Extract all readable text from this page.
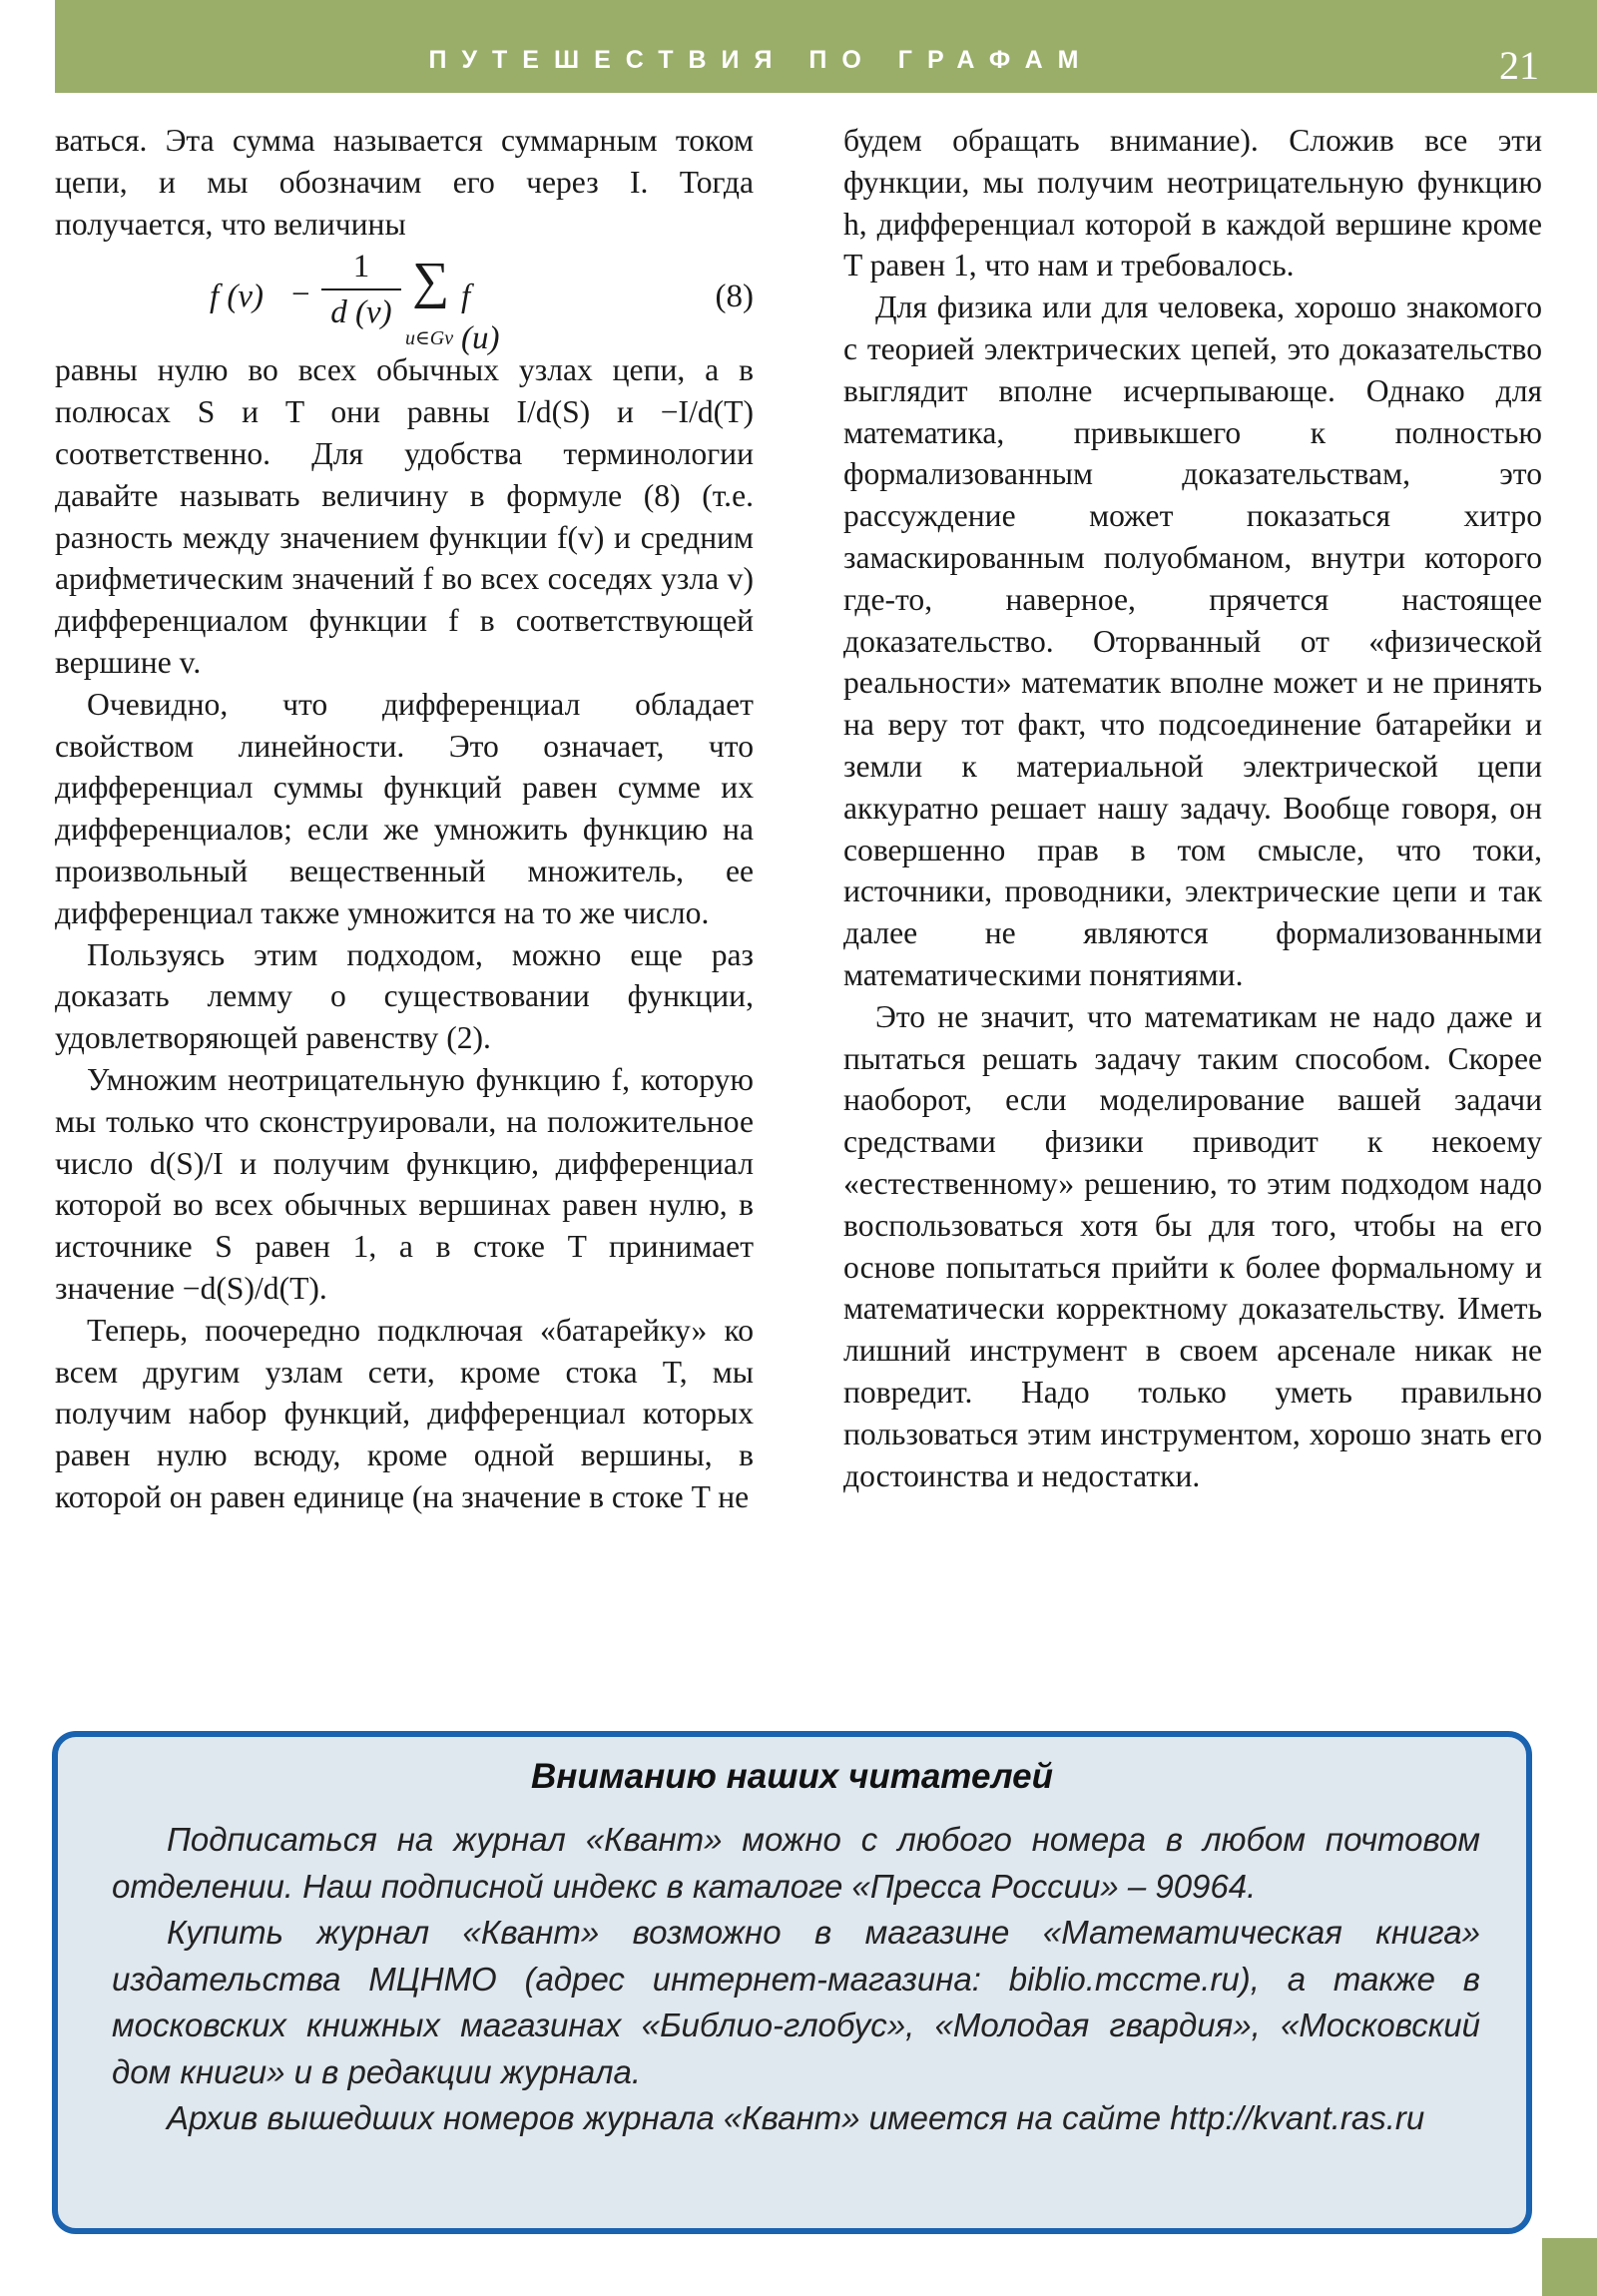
ПУТЕШЕСТВИЯ ПО ГРАФАМ	21

ваться. Эта сумма называется суммарным током цепи, и мы обозначим его через I. Тогда получается, что величины

f (v) −
1
d (v)
∑
u∈Gv
f (u)
(8)

равны нулю во всех обычных узлах цепи, а в полюсах S и T они равны I/d(S) и −I/d(T) соответственно. Для удобства терминологии давайте называть величину в формуле (8) (т.е. разность между значением функции f(v) и средним арифметическим значений f во всех соседях узла v) дифференциалом функции f в соответствующей вершине v.

Очевидно, что дифференциал обладает свойством линейности. Это означает, что дифференциал суммы функций равен сумме их дифференциалов; если же умножить функцию на произвольный вещественный множитель, ее дифференциал также умножится на то же число.

Пользуясь этим подходом, можно еще раз доказать лемму о существовании функции, удовлетворяющей равенству (2).

Умножим неотрицательную функцию f, которую мы только что сконструировали, на положительное число d(S)/I и получим функцию, дифференциал которой во всех обычных вершинах равен нулю, в источнике S равен 1, а в стоке T принимает значение −d(S)/d(T).

Теперь, поочередно подключая «батарейку» ко всем другим узлам сети, кроме стока T, мы получим набор функций, дифференциал которых равен нулю всюду, кроме одной вершины, в которой он равен единице (на значение в стоке T не

будем обращать внимание). Сложив все эти функции, мы получим неотрицательную функцию h, дифференциал которой в каждой вершине кроме T равен 1, что нам и требовалось.

Для физика или для человека, хорошо знакомого с теорией электрических цепей, это доказательство выглядит вполне исчерпывающе. Однако для математика, привыкшего к полностью формализованным доказательствам, это рассуждение может показаться хитро замаскированным полуобманом, внутри которого где-то, наверное, прячется настоящее доказательство. Оторванный от «физической реальности» математик вполне может и не принять на веру тот факт, что подсоединение батарейки и земли к материальной электрической цепи аккуратно решает нашу задачу. Вообще говоря, он совершенно прав в том смысле, что токи, источники, проводники, электрические цепи и так далее не являются формализованными математическими понятиями.

Это не значит, что математикам не надо даже и пытаться решать задачу таким способом. Скорее наоборот, если моделирование вашей задачи средствами физики приводит к некоему «естественному» решению, то этим подходом надо воспользоваться хотя бы для того, чтобы на его основе попытаться прийти к более формальному и математически корректному доказательству. Иметь лишний инструмент в своем арсенале никак не повредит. Надо только уметь правильно пользоваться этим инструментом, хорошо знать его достоинства и недостатки.

Вниманию наших читателей

Подписаться на журнал «Квант» можно с любого номера в любом почтовом отделении. Наш подписной индекс в каталоге «Пресса России» – 90964.

Купить журнал «Квант» возможно в магазине «Математическая книга» издательства МЦНМО (адрес интернет-магазина: biblio.mccme.ru), а также в московских книжных магазинах «Библио-глобус», «Молодая гвардия», «Московский дом книги» и в редакции журнала.

Архив вышедших номеров журнала «Квант» имеется на сайте http://kvant.ras.ru
